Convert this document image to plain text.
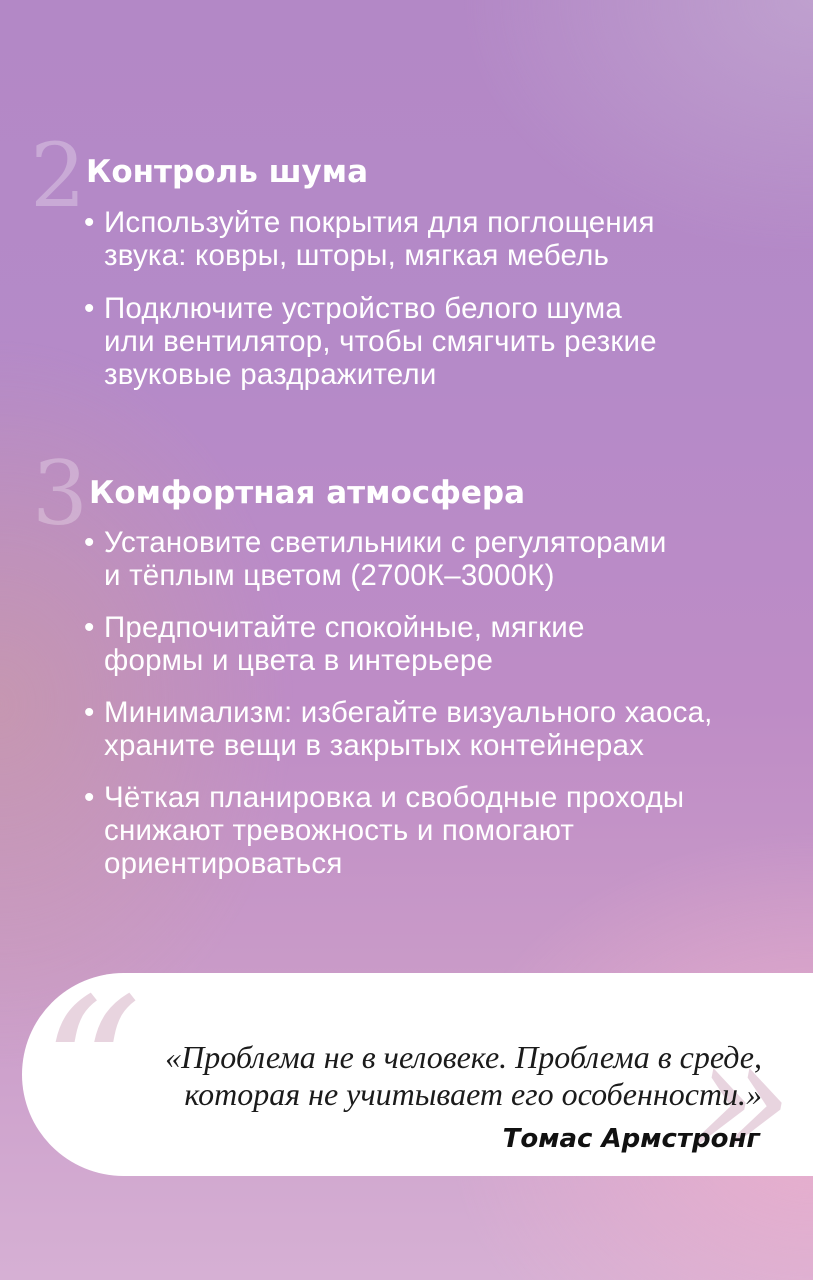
2 Контроль шума
• Используйте покрытия для поглощения
звука: ковры, шторы, мягкая мебель
• Подключите устройство белого шума
или вентилятор, чтобы смягчить резкие
звуковые раздражители
3 Комфортная атмосфера
• Установите светильники с регуляторами
и тёплым цветом (2700К–3000К)
• Предпочитайте спокойные, мягкие
формы и цвета в интерьере
• Минимализм: избегайте визуального хаоса,
храните вещи в закрытых контейнерах
• Чёткая планировка и свободные проходы
снижают тревожность и помогают
ориентироваться
“	»
«Проблема не в человеке. Проблема в среде,
которая не учитывает его особенности.»
Томас Армстронг
